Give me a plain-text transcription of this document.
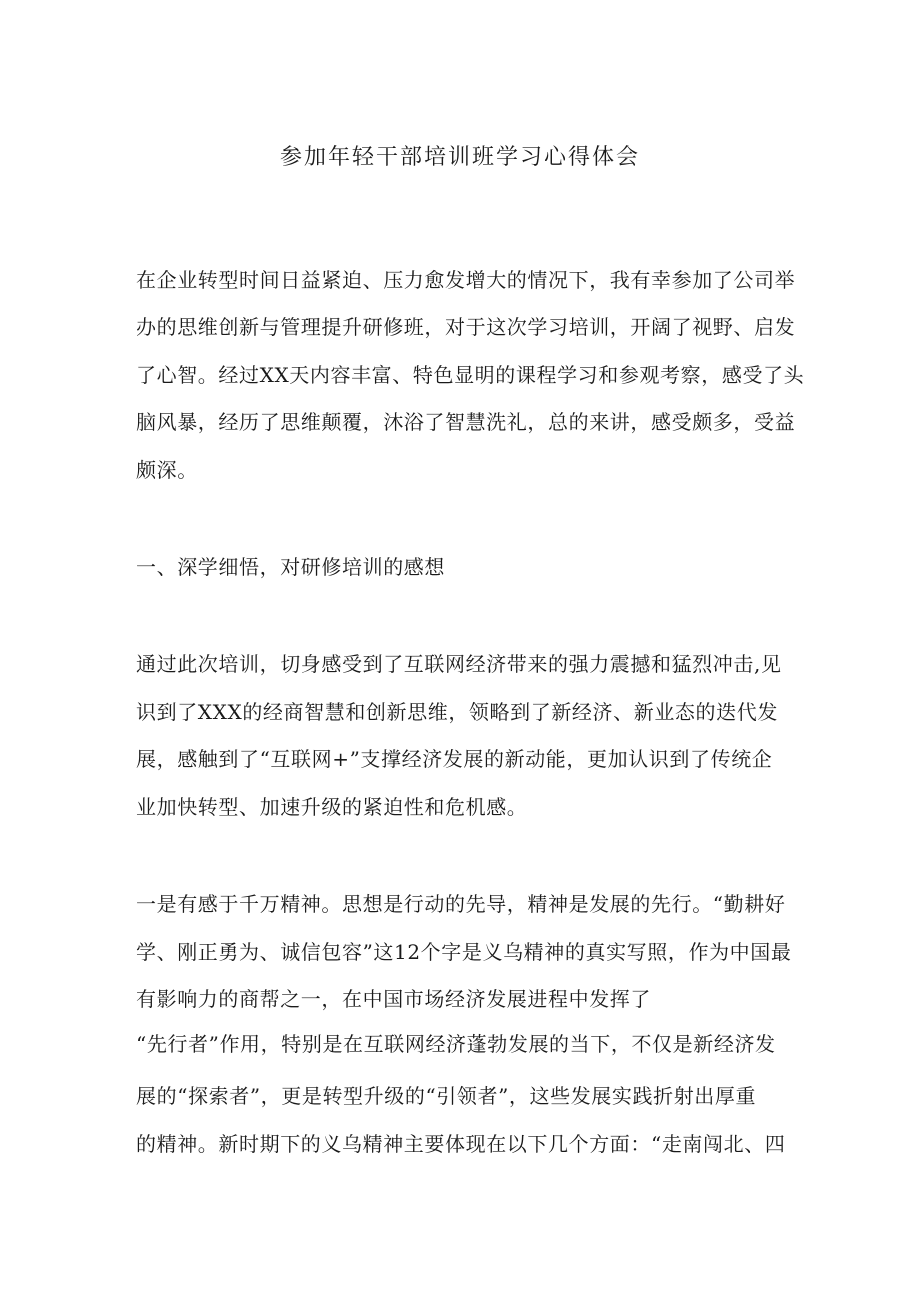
参加年轻干部培训班学习心得体会
在企业转型时间日益紧迫、压力愈发增大的情况下，我有幸参加了公司举
办的思维创新与管理提升研修班，对于这次学习培训，开阔了视野、启发
了心智。经过XX天内容丰富、特色显明的课程学习和参观考察，感受了头
脑风暴，经历了思维颠覆，沐浴了智慧洗礼，总的来讲，感受颇多，受益
颇深。
一、深学细悟，对研修培训的感想
通过此次培训，切身感受到了互联网经济带来的强力震撼和猛烈冲击,见
识到了XXX的经商智慧和创新思维，领略到了新经济、新业态的迭代发
展，感触到了“互联网+”支撑经济发展的新动能，更加认识到了传统企
业加快转型、加速升级的紧迫性和危机感。
一是有感于千万精神。思想是行动的先导，精神是发展的先行。“勤耕好
学、刚正勇为、诚信包容”这12个字是义乌精神的真实写照，作为中国最
有影响力的商帮之一，在中国市场经济发展进程中发挥了
“先行者”作用，特别是在互联网经济蓬勃发展的当下，不仅是新经济发
展的“探索者”，更是转型升级的“引领者”，这些发展实践折射出厚重
的精神。新时期下的义乌精神主要体现在以下几个方面：“走南闯北、四
